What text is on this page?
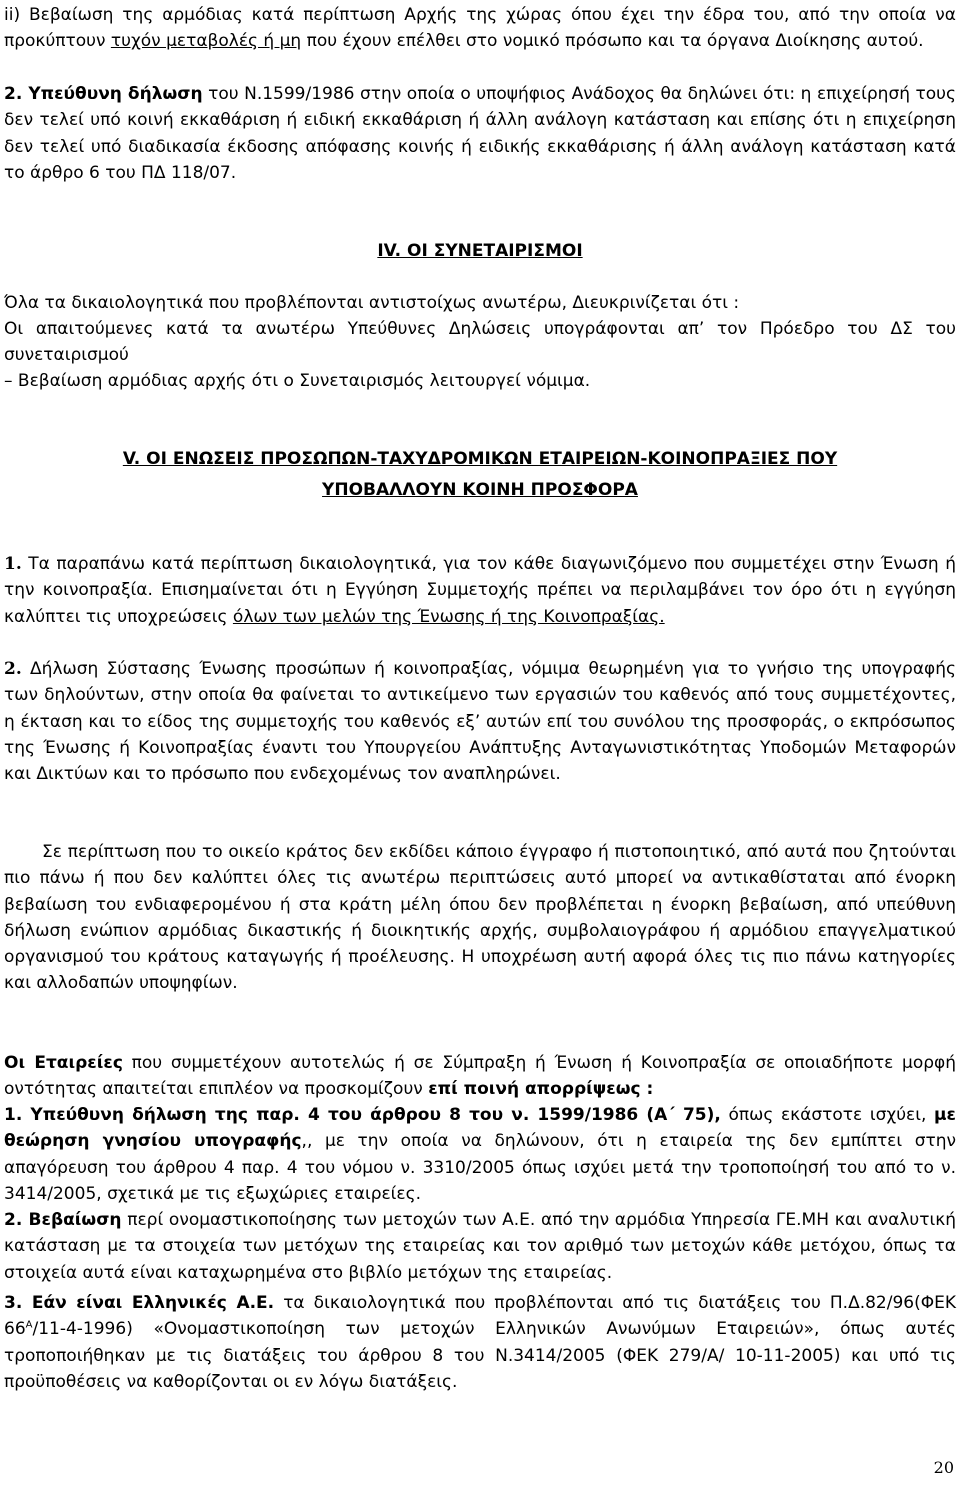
ii) Βεβαίωση της αρμόδιας κατά περίπτωση Αρχής της χώρας όπου έχει την έδρα του, από την οποία να προκύπτουν τυχόν μεταβολές ή μη που έχουν επέλθει στο νομικό πρόσωπο και τα όργανα Διοίκησης αυτού.

2. Υπεύθυνη δήλωση του Ν.1599/1986 στην οποία ο υποψήφιος Ανάδοχος θα δηλώνει ότι: η επιχείρησή τους δεν τελεί υπό κοινή εκκαθάριση ή ειδική εκκαθάριση ή άλλη ανάλογη κατάσταση και επίσης ότι η επιχείρηση δεν τελεί υπό διαδικασία έκδοσης απόφασης κοινής ή ειδικής εκκαθάρισης ή άλλη ανάλογη κατάσταση κατά το άρθρο 6 του ΠΔ 118/07.

IV. ΟΙ ΣΥΝΕΤΑΙΡΙΣΜΟΙ

Όλα τα δικαιολογητικά που προβλέπονται αντιστοίχως ανωτέρω, Διευκρινίζεται ότι :

Οι απαιτούμενες κατά τα ανωτέρω Υπεύθυνες Δηλώσεις υπογράφονται απ’ τον Πρόεδρο του ΔΣ του συνεταιρισμού

– Βεβαίωση αρμόδιας αρχής ότι ο Συνεταιρισμός λειτουργεί νόμιμα.

V. ΟΙ ΕΝΩΣΕΙΣ ΠΡΟΣΩΠΩΝ-ΤΑΧΥΔΡΟΜΙΚΩΝ ΕΤΑΙΡΕΙΩΝ-ΚΟΙΝΟΠΡΑΞΙΕΣ ΠΟΥ
ΥΠΟΒΑΛΛΟΥΝ ΚΟΙΝΗ ΠΡΟΣΦΟΡΑ

1. Τα παραπάνω κατά περίπτωση δικαιολογητικά, για τον κάθε διαγωνιζόμενο που συμμετέχει στην Ένωση ή την κοινοπραξία. Επισημαίνεται ότι η Εγγύηση Συμμετοχής πρέπει να περιλαμβάνει τον όρο ότι η εγγύηση καλύπτει τις υποχρεώσεις όλων των μελών της Ένωσης ή της Κοινοπραξίας.

2. Δήλωση Σύστασης Ένωσης προσώπων ή κοινοπραξίας, νόμιμα θεωρημένη για το γνήσιο της υπογραφής των δηλούντων, στην οποία θα φαίνεται το αντικείμενο των εργασιών του καθενός από τους συμμετέχοντες, η έκταση και το είδος της συμμετοχής του καθενός εξ’ αυτών επί του συνόλου της προσφοράς, ο εκπρόσωπος της Ένωσης ή Κοινοπραξίας έναντι του Υπουργείου Ανάπτυξης Ανταγωνιστικότητας Υποδομών Μεταφορών και Δικτύων και το πρόσωπο που ενδεχομένως τον αναπληρώνει.

Σε περίπτωση που το οικείο κράτος δεν εκδίδει κάποιο έγγραφο ή πιστοποιητικό, από αυτά που ζητούνται πιο πάνω ή που δεν καλύπτει όλες τις ανωτέρω περιπτώσεις αυτό μπορεί να αντικαθίσταται από ένορκη βεβαίωση του ενδιαφερομένου ή στα κράτη μέλη όπου δεν προβλέπεται η ένορκη βεβαίωση, από υπεύθυνη δήλωση ενώπιον αρμόδιας δικαστικής ή διοικητικής αρχής, συμβολαιογράφου ή αρμόδιου επαγγελματικού οργανισμού του κράτους καταγωγής ή προέλευσης. Η υποχρέωση αυτή αφορά όλες τις πιο πάνω κατηγορίες και αλλοδαπών υποψηφίων.

Οι Εταιρείες που συμμετέχουν αυτοτελώς ή σε Σύμπραξη ή Ένωση ή Κοινοπραξία σε οποιαδήποτε μορφή οντότητας απαιτείται επιπλέον να προσκομίζουν επί ποινή απορρίψεως :

1. Υπεύθυνη δήλωση της παρ. 4 του άρθρου 8 του ν. 1599/1986 (Α΄ 75), όπως εκάστοτε ισχύει, με θεώρηση γνησίου υπογραφής,, με την οποία να δηλώνουν, ότι η εταιρεία της δεν εμπίπτει στην απαγόρευση του άρθρου 4 παρ. 4 του νόμου ν. 3310/2005 όπως ισχύει μετά την τροποποίησή του από το ν. 3414/2005, σχετικά με τις εξωχώριες εταιρείες.

2. Βεβαίωση περί ονομαστικοποίησης των μετοχών των Α.Ε. από την αρμόδια Υπηρεσία ΓΕ.ΜΗ και αναλυτική κατάσταση με τα στοιχεία των μετόχων της εταιρείας και τον αριθμό των μετοχών κάθε μετόχου, όπως τα στοιχεία αυτά είναι καταχωρημένα στο βιβλίο μετόχων της εταιρείας.

3. Εάν είναι Ελληνικές Α.Ε. τα δικαιολογητικά που προβλέπονται από τις διατάξεις του Π.Δ.82/96(ΦΕΚ $66^A/11-4-1996$) «Ονομαστικοποίηση των μετοχών Ελληνικών Ανωνύμων Εταιρειών», όπως αυτές τροποποιήθηκαν με τις διατάξεις του άρθρου 8 του Ν.3414/2005 (ΦΕΚ 279/Α/ 10-11-2005) και υπό τις προϋποθέσεις να καθορίζονται οι εν λόγω διατάξεις.

20
